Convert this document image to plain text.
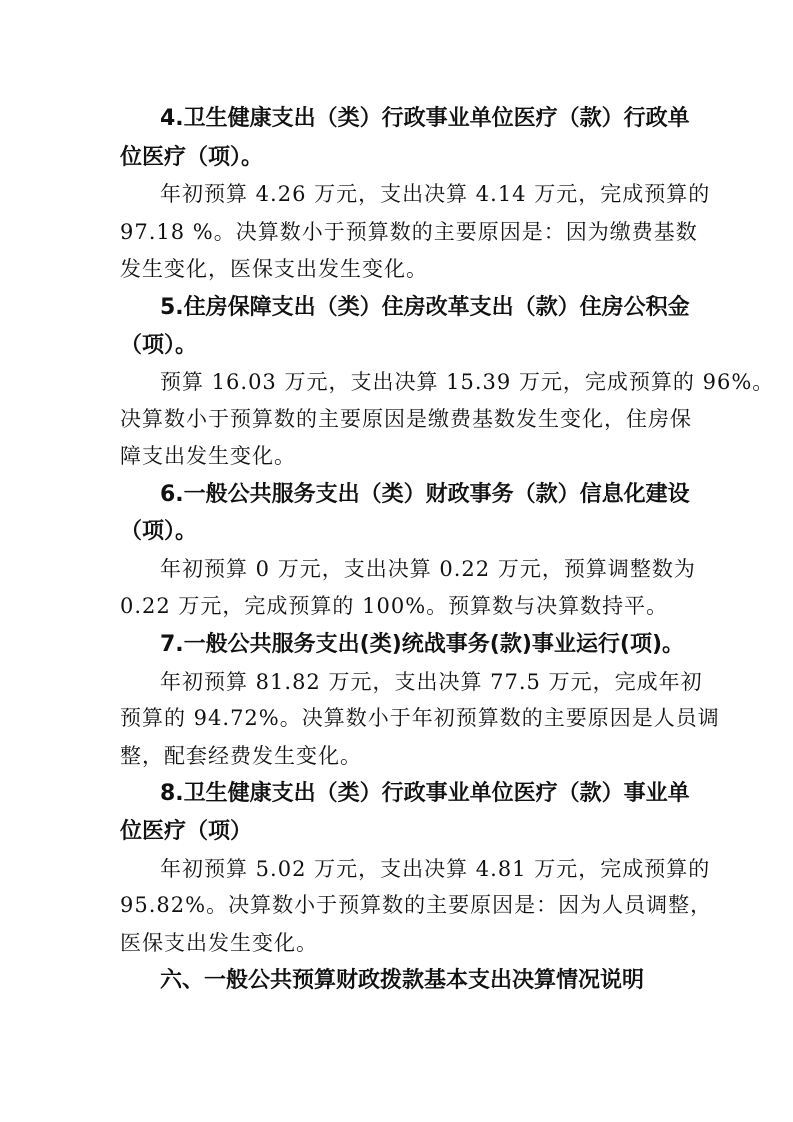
4.卫生健康支出（类）行政事业单位医疗（款）行政单
位医疗（项）。
年初预算 4.26 万元，支出决算 4.14 万元，完成预算的
97.18 %。决算数小于预算数的主要原因是：因为缴费基数
发生变化，医保支出发生变化。
5.住房保障支出（类）住房改革支出（款）住房公积金
（项）。
预算 16.03 万元，支出决算 15.39 万元，完成预算的 96%。
决算数小于预算数的主要原因是缴费基数发生变化，住房保
障支出发生变化。
6.一般公共服务支出（类）财政事务（款）信息化建设
（项）。
年初预算 0 万元，支出决算 0.22 万元，预算调整数为
0.22 万元，完成预算的 100%。预算数与决算数持平。
7.一般公共服务支出(类)统战事务(款)事业运行(项)。
年初预算 81.82 万元，支出决算 77.5 万元，完成年初
预算的 94.72%。决算数小于年初预算数的主要原因是人员调
整，配套经费发生变化。
8.卫生健康支出（类）行政事业单位医疗（款）事业单
位医疗（项）
年初预算 5.02 万元，支出决算 4.81 万元，完成预算的
95.82%。决算数小于预算数的主要原因是：因为人员调整，
医保支出发生变化。
六、一般公共预算财政拨款基本支出决算情况说明
